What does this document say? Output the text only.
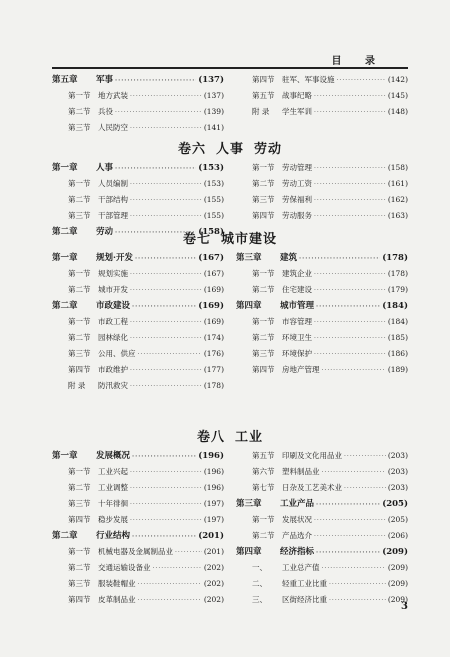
目 录
第五章	军事 ·····	(137)
第一节	地方武装 ·····	(137)
第二节	兵役 ·····	(139)
第三节	人民防空 ·····	(141)
第四节	驻军、军事设施 ·····	(142)
第五节	战事纪略 ·····	(145)
附 录	学生军训 ·····	(148)
卷六 人事 劳动
第一章	人事 ·····	(153)
第一节	人员编制 ·····	(153)
第二节	干部结构 ·····	(155)
第三节	干部管理 ·····	(155)
第二章	劳动 ·····	(158)
第一节	劳动管理 ·····	(158)
第二节	劳动工资 ·····	(161)
第三节	劳保福利 ·····	(162)
第四节	劳动服务 ·····	(163)
卷七 城市建设
第一章	规划·开发 ·····	(167)
第一节	规划实施 ·····	(167)
第二节	城市开发 ·····	(169)
第二章	市政建设 ·····	(169)
第一节	市政工程 ·····	(169)
第二节	园林绿化 ·····	(174)
第三节	公用、供应 ·····	(176)
第四节	市政维护 ·····	(177)
附 录	防汛救灾 ·····	(178)
第三章	建筑 ·····	(178)
第一节	建筑企业 ·····	(178)
第二节	住宅建设 ·····	(179)
第四章	城市管理 ·····	(184)
第一节	市容管理 ·····	(184)
第二节	环境卫生 ·····	(185)
第三节	环境保护 ·····	(186)
第四节	房地产管理 ·····	(189)
卷八 工业
第一章	发展概况 ·····	(196)
第一节	工业兴起 ·····	(196)
第二节	工业调整 ·····	(196)
第三节	十年徘徊 ·····	(197)
第四节	稳步发展 ·····	(197)
第二章	行业结构 ·····	(201)
第一节	机械电器及金属制品业 ·····	(201)
第二节	交通运输设备业 ·····	(202)
第三节	服装鞋帽业 ·····	(202)
第四节	皮革制品业 ·····	(202)
第五节	印刷及文化用品业 ·····	(203)
第六节	塑料制品业 ·····	(203)
第七节	日杂及工艺美术业 ·····	(203)
第三章	工业产品 ·····	(205)
第一节	发展状况 ·····	(205)
第二节	产品选介 ·····	(206)
第四章	经济指标 ·····	(209)
一、	工业总产值 ·····	(209)
二、	轻重工业比重 ·····	(209)
三、	区街经济比重 ·····	(209)
3
